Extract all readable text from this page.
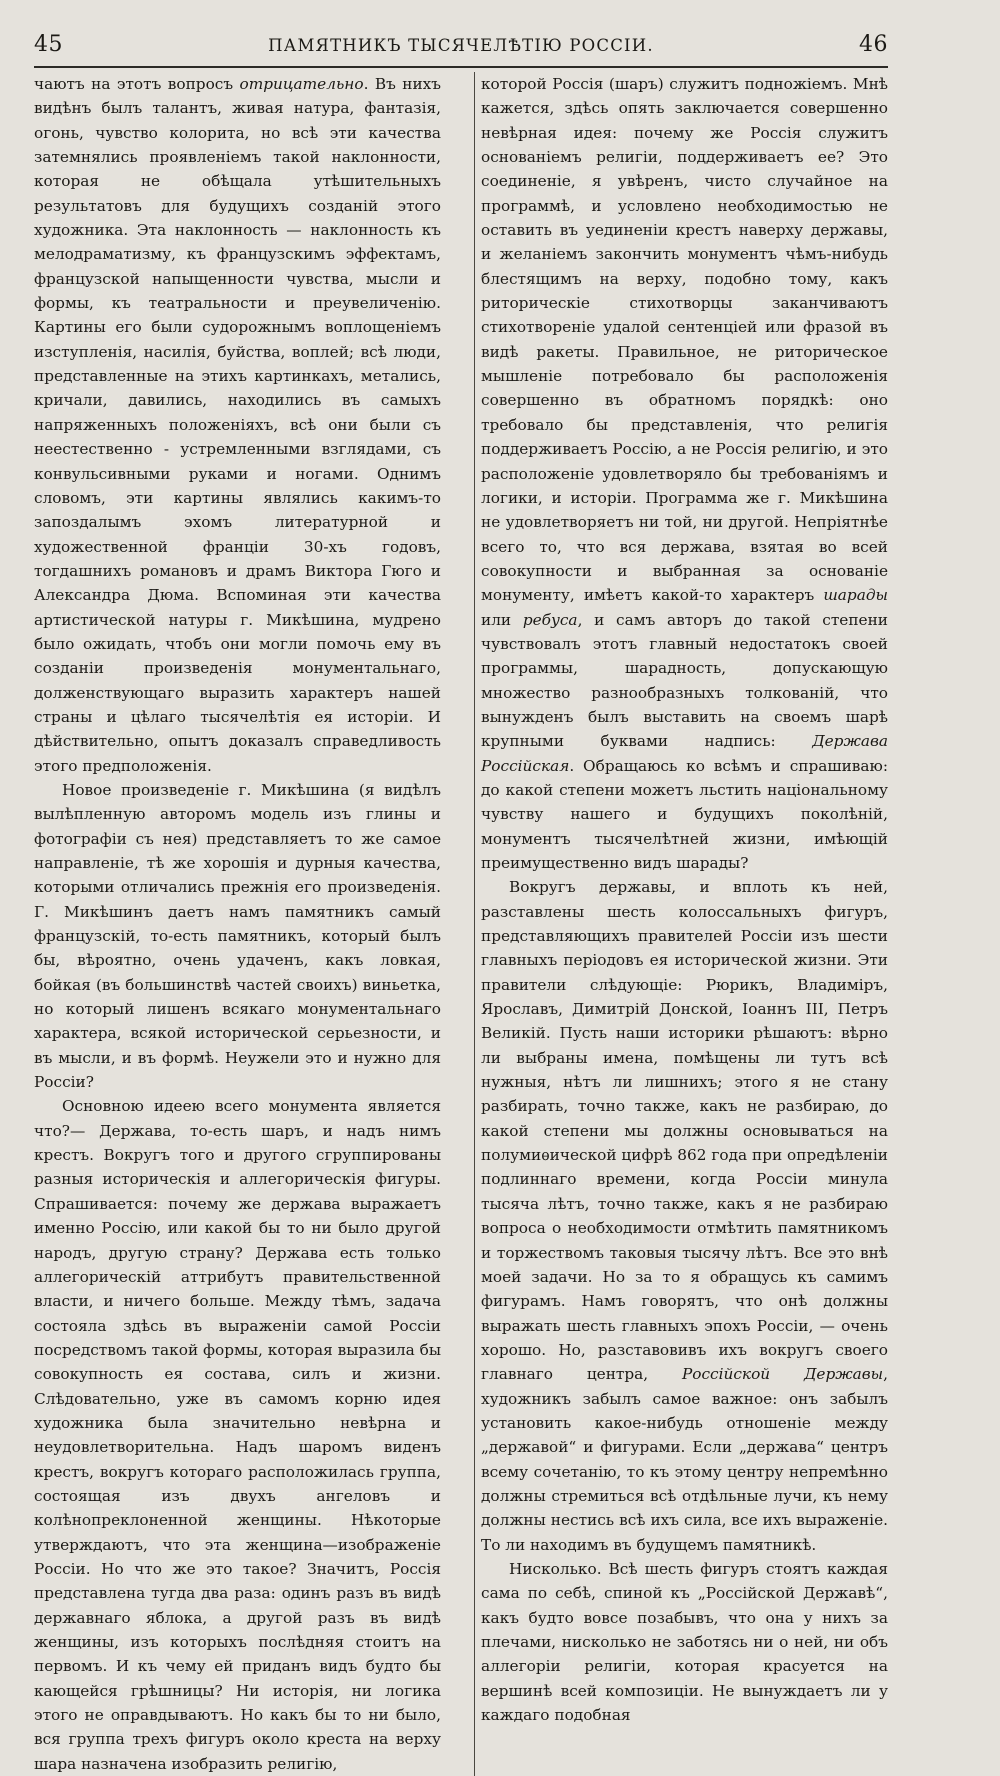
45	ПАМЯТНИКЪ ТЫСЯЧЕЛѢТІЮ РОССІИ.	46

чаютъ на этотъ вопросъ отрицательно. Въ нихъ видѣнъ былъ талантъ, живая натура, фантазія, огонь, чувство колорита, но всѣ эти качества затемнялись проявленіемъ такой наклонности, которая не обѣщала утѣшительныхъ результатовъ для будущихъ созданій этого художника. Эта наклонность — наклонность къ мелодраматизму, къ французскимъ эффектамъ, французской напыщенности чувства, мысли и формы, къ театральности и преувеличенію. Картины его были судорожнымъ воплощеніемъ изступленія, насилія, буйства, воплей; всѣ люди, представленные на этихъ картинкахъ, метались, кричали, давились, находились въ самыхъ напряженныхъ положеніяхъ, всѣ они были съ неестественно - устремленными взглядами, съ конвульсивными руками и ногами. Однимъ словомъ, эти картины являлись какимъ-то запоздалымъ эхомъ литературной и художественной франціи 30-хъ годовъ, тогдашнихъ романовъ и драмъ Виктора Гюго и Александра Дюма. Вспоминая эти качества артистической натуры г. Микѣшина, мудрено было ожидать, чтобъ они могли помочь ему въ созданіи произведенія монументальнаго, долженствующаго выразить характеръ нашей страны и цѣлаго тысячелѣтія ея исторіи. И дѣйствительно, опытъ доказалъ справедливость этого предположенія.

Новое произведеніе г. Микѣшина (я видѣлъ вылѣпленную авторомъ модель изъ глины и фотографіи съ нея) представляетъ то же самое направленіе, тѣ же хорошія и дурныя качества, которыми отличались прежнія его произведенія. Г. Микѣшинъ даетъ намъ памятникъ самый французскій, то-есть памятникъ, который былъ бы, вѣроятно, очень удаченъ, какъ ловкая, бойкая (въ большинствѣ частей своихъ) виньетка, но который лишенъ всякаго монументальнаго характера, всякой исторической серьезности, и въ мысли, и въ формѣ. Неужели это и нужно для Россіи?

Основною идеею всего монумента является что?— Держава, то-есть шаръ, и надъ нимъ крестъ. Вокругъ того и другого сгруппированы разныя историческія и аллегорическія фигуры. Спрашивается: почему же держава выражаетъ именно Россію, или какой бы то ни было другой народъ, другую страну? Держава есть только аллегорическій аттрибутъ правительственной власти, и ничего больше. Между тѣмъ, задача состояла здѣсь въ выраженіи самой Россіи посредствомъ такой формы, которая выразила бы совокупность ея состава, силъ и жизни. Слѣдовательно, уже въ самомъ корню идея художника была значительно невѣрна и неудовлетворительна. Надъ шаромъ виденъ крестъ, вокругъ котораго расположилась группа, состоящая изъ двухъ ангеловъ и колѣнопреклоненной женщины. Нѣкоторые утверждаютъ, что эта женщина—изображеніе Россіи. Но что же это такое? Значитъ, Россія представлена тугда два раза: одинъ разъ въ видѣ державнаго яблока, а другой разъ въ видѣ женщины, изъ которыхъ послѣдняя стоитъ на первомъ. И къ чему ей приданъ видъ будто бы кающейся грѣшницы? Ни исторія, ни логика этого не оправдываютъ. Но какъ бы то ни было, вся группа трехъ фигуръ около креста на верху шара назначена изобразить религію,

которой Россія (шаръ) служитъ подножіемъ. Мнѣ кажется, здѣсь опять заключается совершенно невѣрная идея: почему же Россія служитъ основаніемъ религіи, поддерживаетъ ее? Это соединеніе, я увѣренъ, чисто случайное на программѣ, и условлено необходимостью не оставить въ уединеніи крестъ наверху державы, и желаніемъ закончить монументъ чѣмъ-нибудь блестящимъ на верху, подобно тому, какъ риторическіе стихотворцы заканчиваютъ стихотвореніе удалой сентенціей или фразой въ видѣ ракеты. Правильное, не риторическое мышленіе потребовало бы расположенія совершенно въ обратномъ порядкѣ: оно требовало бы представленія, что религія поддерживаетъ Россію, а не Россія религію, и это расположеніе удовлетворяло бы требованіямъ и логики, и исторіи. Программа же г. Микѣшина не удовлетворяетъ ни той, ни другой. Непріятнѣе всего то, что вся держава, взятая во всей совокупности и выбранная за основаніе монументу, имѣетъ какой-то характеръ шарады или ребуса, и самъ авторъ до такой степени чувствовалъ этотъ главный недостатокъ своей программы, шарадность, допускающую множество разнообразныхъ толкованій, что вынужденъ былъ выставить на своемъ шарѣ крупными буквами надпись: Держава Россійская. Обращаюсь ко всѣмъ и спрашиваю: до какой степени можетъ льстить національному чувству нашего и будущихъ поколѣній, монументъ тысячелѣтней жизни, имѣющій преимущественно видъ шарады?

Вокругъ державы, и вплоть къ ней, разставлены шесть колоссальныхъ фигуръ, представляющихъ правителей Россіи изъ шести главныхъ періодовъ ея исторической жизни. Эти правители слѣдующіе: Рюрикъ, Владиміръ, Ярославъ, Димитрій Донской, Іоаннъ III, Петръ Великій. Пусть наши историки рѣшаютъ: вѣрно ли выбраны имена, помѣщены ли тутъ всѣ нужныя, нѣтъ ли лишнихъ; этого я не стану разбирать, точно также, какъ не разбираю, до какой степени мы должны основываться на полумиѳической цифрѣ 862 года при опредѣленіи подлиннаго времени, когда Россіи минула тысяча лѣтъ, точно также, какъ я не разбираю вопроса о необходимости отмѣтить памятникомъ и торжествомъ таковыя тысячу лѣтъ. Все это внѣ моей задачи. Но за то я обращусь къ самимъ фигурамъ. Намъ говорятъ, что онѣ должны выражать шесть главныхъ эпохъ Россіи, — очень хорошо. Но, разставовивъ ихъ вокругъ своего главнаго центра, Россійской Державы, художникъ забылъ самое важное: онъ забылъ установить какое-нибудь отношеніе между „державой“ и фигурами. Если „держава“ центръ всему сочетанію, то къ этому центру непремѣнно должны стремиться всѣ отдѣльные лучи, къ нему должны нестись всѣ ихъ сила, все ихъ выраженіе. То ли находимъ въ будущемъ памятникѣ.

Нисколько. Всѣ шесть фигуръ стоятъ каждая сама по себѣ, спиной къ „Россійской Державѣ“, какъ будто вовсе позабывъ, что она у нихъ за плечами, нисколько не заботясь ни о ней, ни объ аллегоріи религіи, которая красуется на вершинѣ всей композиціи. Не вынуждаетъ ли у каждаго подобная
